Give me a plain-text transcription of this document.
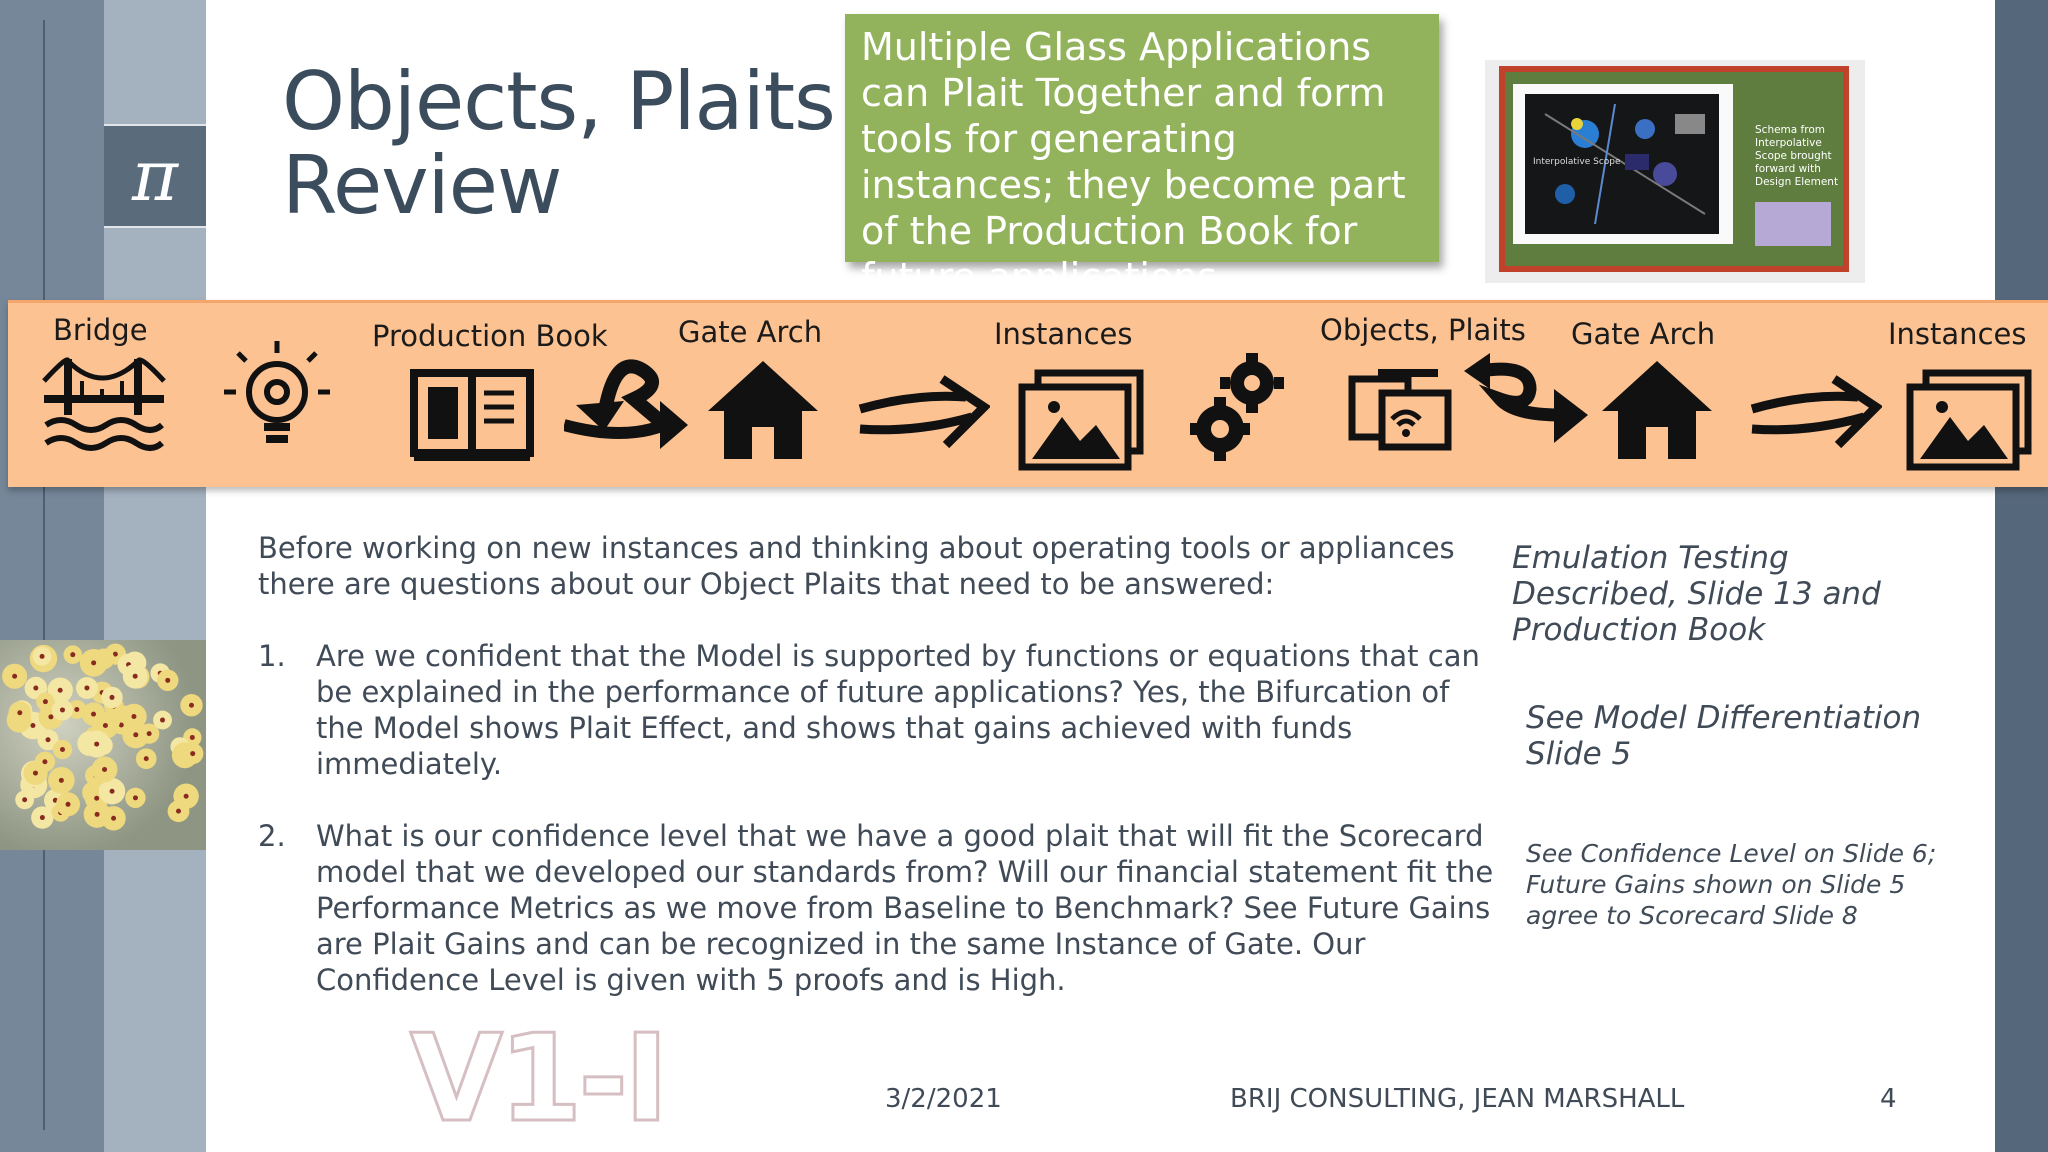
π
Objects, Plaits
Review
Multiple Glass Applications can Plait Together and form tools for generating instances; they become part of the Production Book for future applications.
Interpolative Scope
Schema from Interpolative Scope brought forward with Design Element
Bridge	Production Book Gate Arch	Instances	Objects, Plaits Gate Arch	Instances

Before working on new instances and thinking about operating tools or appliances there are questions about our Object Plaits that need to be answered:

1.	Are we confident that the Model is supported by functions or equations that can be explained in the performance of future applications? Yes, the Bifurcation of the Model shows Plait Effect, and shows that gains achieved with funds immediately.
2.	What is our confidence level that we have a good plait that will fit the Scorecard model that we developed our standards from? Will our financial statement fit the Performance Metrics as we move from Baseline to Benchmark? See Future Gains are Plait Gains and can be recognized in the same Instance of Gate. Our Confidence Level is given with 5 proofs and is High.
Emulation Testing Described, Slide 13 and Production Book
See Model Differentiation Slide 5
See Confidence Level on Slide 6; Future Gains shown on Slide 5 agree to Scorecard Slide 8
V1-I	3/2/2021	BRIJ CONSULTING, JEAN MARSHALL	4
